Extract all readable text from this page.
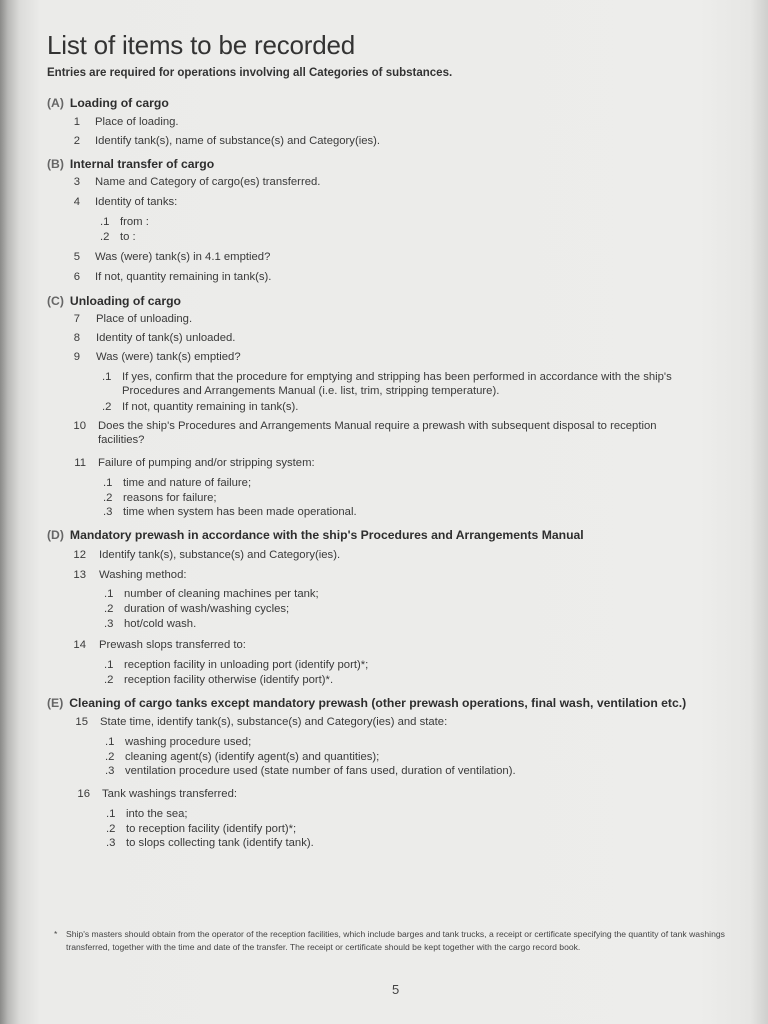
List of items to be recorded
Entries are required for operations involving all Categories of substances.
(A) Loading of cargo
1 Place of loading.
2 Identify tank(s), name of substance(s) and Category(ies).
(B) Internal transfer of cargo
3 Name and Category of cargo(es) transferred.
4 Identity of tanks:
.1 from :
.2 to :
5 Was (were) tank(s) in 4.1 emptied?
6 If not, quantity remaining in tank(s).
(C) Unloading of cargo
7 Place of unloading.
8 Identity of tank(s) unloaded.
9 Was (were) tank(s) emptied?
.1 If yes, confirm that the procedure for emptying and stripping has been performed in accordance with the ship's
Procedures and Arrangements Manual (i.e. list, trim, stripping temperature).
.2 If not, quantity remaining in tank(s).
10 Does the ship's Procedures and Arrangements Manual require a prewash with subsequent disposal to reception
facilities?
11 Failure of pumping and/or stripping system:
.1 time and nature of failure;
.2 reasons for failure;
.3 time when system has been made operational.
(D) Mandatory prewash in accordance with the ship's Procedures and Arrangements Manual
12 Identify tank(s), substance(s) and Category(ies).
13 Washing method:
.1 number of cleaning machines per tank;
.2 duration of wash/washing cycles;
.3 hot/cold wash.
14 Prewash slops transferred to:
.1 reception facility in unloading port (identify port)*;
.2 reception facility otherwise (identify port)*.
(E) Cleaning of cargo tanks except mandatory prewash (other prewash operations, final wash, ventilation etc.)
15 State time, identify tank(s), substance(s) and Category(ies) and state:
.1 washing procedure used;
.2 cleaning agent(s) (identify agent(s) and quantities);
.3 ventilation procedure used (state number of fans used, duration of ventilation).
16 Tank washings transferred:
.1 into the sea;
.2 to reception facility (identify port)*;
.3 to slops collecting tank (identify tank).
* Ship's masters should obtain from the operator of the reception facilities, which include barges and tank trucks, a receipt or certificate specifying the quantity of tank washings transferred, together with the time and date of the transfer. The receipt or certificate should be kept together with the cargo record book.
5
